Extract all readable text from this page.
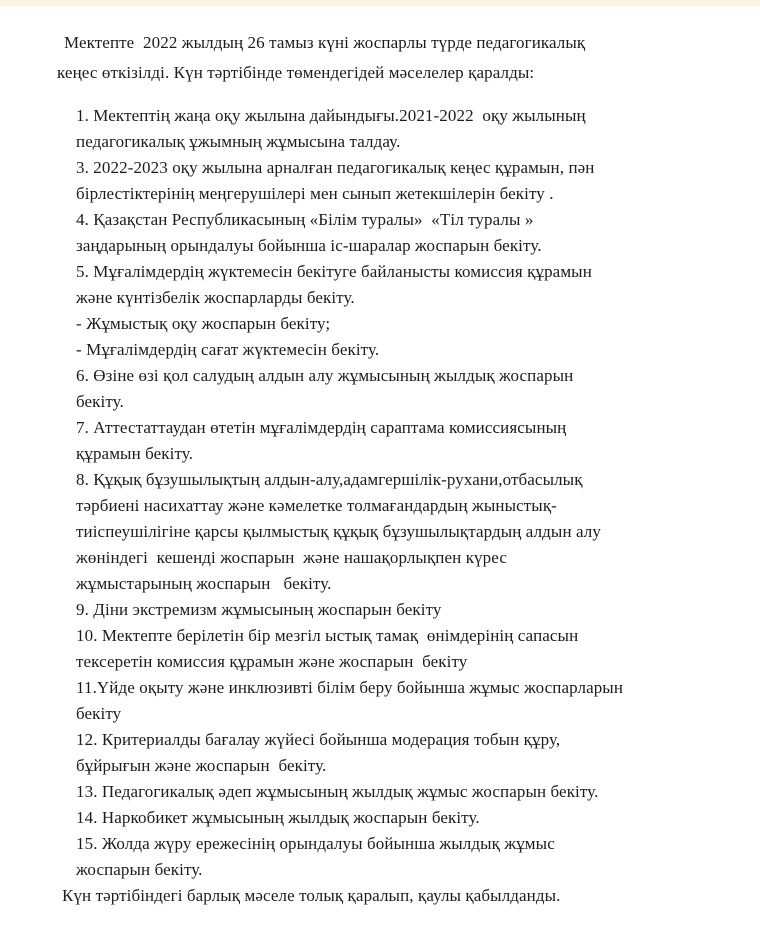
Мектепте  2022 жылдың 26 тамыз күні жоспарлы түрде педагогикалық
кеңес өткізілді. Күн тәртібінде төмендегідей мәселелер қаралды:
1. Мектептің жаңа оқу жылына дайындығы.2021-2022  оқу жылының
педагогикалық ұжымның жұмысына талдау.
3. 2022-2023 оқу жылына арналған педагогикалық кеңес құрамын, пән
бірлестіктерінің меңгерушілері мен сынып жетекшілерін бекіту .
4. Қазақстан Республикасының «Білім туралы»  «Тіл туралы »
заңдарының орындалуы бойынша іс-шаралар жоспарын бекіту.
5. Мұғалімдердің жүктемесін бекітуге байланысты комиссия құрамын
және күнтізбелік жоспарларды бекіту.
- Жұмыстық оқу жоспарын бекіту;
- Мұғалімдердің сағат жүктемесін бекіту.
6. Өзіне өзі қол салудың алдын алу жұмысының жылдық жоспарын
бекіту.
7. Аттестаттаудан өтетін мұғалімдердің сараптама комиссиясының
құрамын бекіту.
8. Құқық бұзушылықтың алдын-алу,адамгершілік-рухани,отбасылық
тәрбиені насихаттау және кәмелетке толмағандардың жыныстық-
тиіспеушілігіне қарсы қылмыстық құқық бұзушылықтардың алдын алу
жөніндегі  кешенді жоспарын  және нашақорлықпен күрес
жұмыстарының жоспарын   бекіту.
9. Діни экстремизм жұмысының жоспарын бекіту
10. Мектепте берілетін бір мезгіл ыстық тамақ  өнімдерінің сапасын
тексеретін комиссия құрамын және жоспарын  бекіту
11.Үйде оқыту және инклюзивті білім беру бойынша жұмыс жоспарларын
бекіту
12. Критериалды бағалау жүйесі бойынша модерация тобын құру,
бұйрығын және жоспарын  бекіту.
13. Педагогикалық әдеп жұмысының жылдық жұмыс жоспарын бекіту.
14. Наркобикет жұмысының жылдық жоспарын бекіту.
15. Жолда жүру ережесінің орындалуы бойынша жылдық жұмыс
жоспарын бекіту.
Күн тәртібіндегі барлық мәселе толық қаралып, қаулы қабылданды.
